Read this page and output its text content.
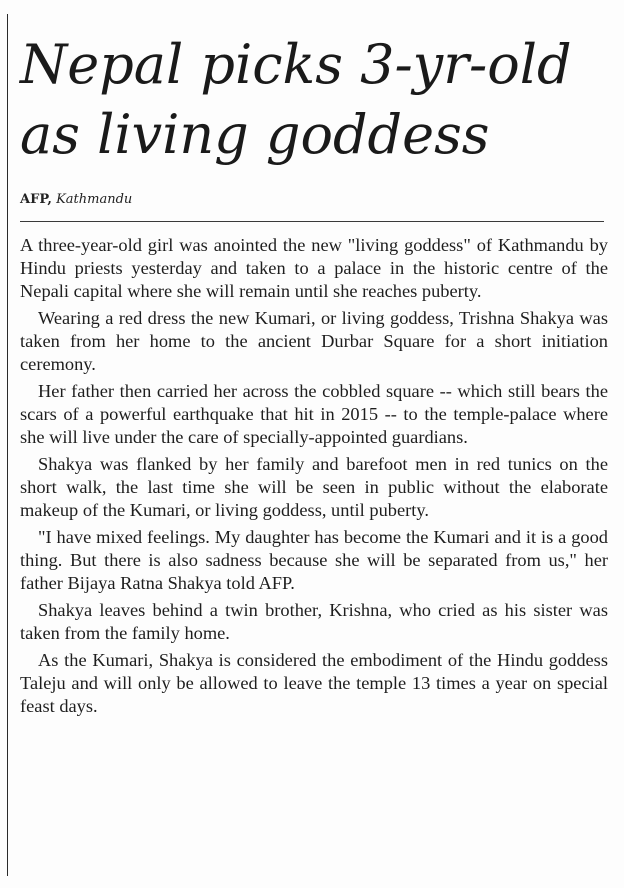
Nepal picks 3-yr-old
as living goddess
AFP, Kathmandu

A three-year-old girl was anointed the new "living goddess" of Kathmandu by Hindu priests yesterday and taken to a palace in the historic centre of the Nepali capital where she will remain until she reaches puberty.

Wearing a red dress the new Kumari, or living goddess, Trishna Shakya was taken from her home to the ancient Durbar Square for a short initiation ceremony.

Her father then carried her across the cobbled square -- which still bears the scars of a powerful earthquake that hit in 2015 -- to the temple-palace where she will live under the care of specially-appointed guardians.

Shakya was flanked by her family and barefoot men in red tunics on the short walk, the last time she will be seen in public without the elaborate makeup of the Kumari, or living goddess, until puberty.

"I have mixed feelings. My daughter has become the Kumari and it is a good thing. But there is also sadness because she will be separated from us," her father Bijaya Ratna Shakya told AFP.

Shakya leaves behind a twin brother, Krishna, who cried as his sister was taken from the family home.

As the Kumari, Shakya is considered the embodiment of the Hindu goddess Taleju and will only be allowed to leave the temple 13 times a year on special feast days.
